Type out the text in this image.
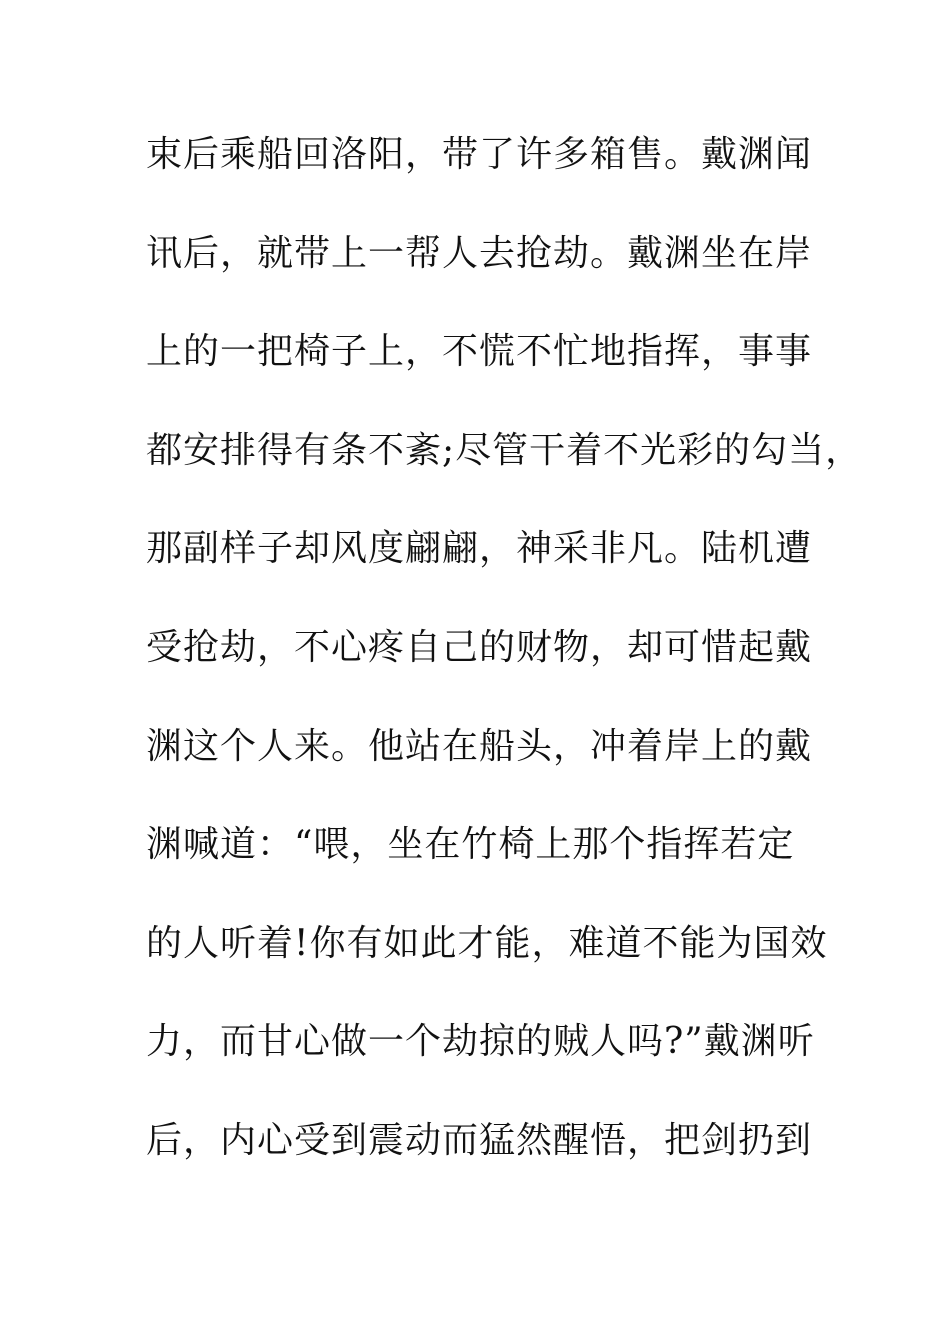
束后乘船回洛阳，带了许多箱售。戴渊闻
讯后，就带上一帮人去抢劫。戴渊坐在岸
上的一把椅子上，不慌不忙地指挥，事事
都安排得有条不紊;尽管干着不光彩的勾当，
那副样子却风度翩翩，神采非凡。陆机遭
受抢劫，不心疼自己的财物，却可惜起戴
渊这个人来。他站在船头，冲着岸上的戴
渊喊道：“喂，坐在竹椅上那个指挥若定
的人听着!你有如此才能，难道不能为国效
力，而甘心做一个劫掠的贼人吗?”戴渊听
后，内心受到震动而猛然醒悟，把剑扔到
